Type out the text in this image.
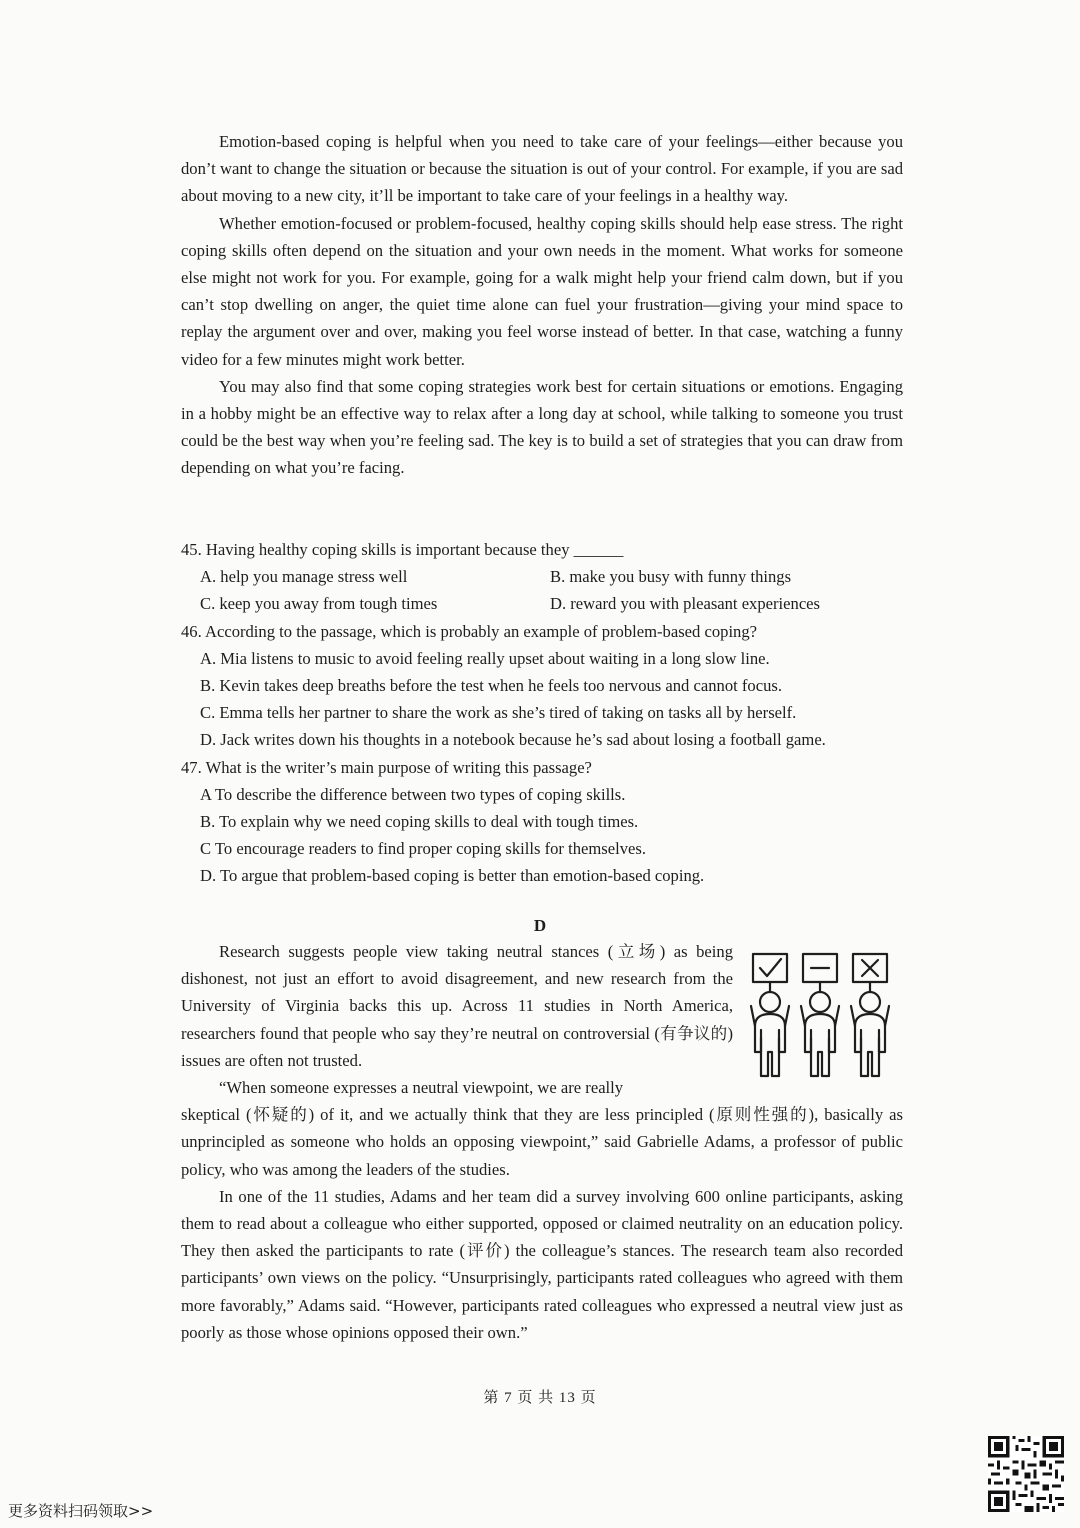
Emotion-based coping is helpful when you need to take care of your feelings—either because you don’t want to change the situation or because the situation is out of your control. For example, if you are sad about moving to a new city, it’ll be important to take care of your feelings in a healthy way.

Whether emotion-focused or problem-focused, healthy coping skills should help ease stress. The right coping skills often depend on the situation and your own needs in the moment. What works for someone else might not work for you. For example, going for a walk might help your friend calm down, but if you can’t stop dwelling on anger, the quiet time alone can fuel your frustration—giving your mind space to replay the argument over and over, making you feel worse instead of better. In that case, watching a funny video for a few minutes might work better.

You may also find that some coping strategies work best for certain situations or emotions. Engaging in a hobby might be an effective way to relax after a long day at school, while talking to someone you trust could be the best way when you’re feeling sad. The key is to build a set of strategies that you can draw from depending on what you’re facing.

45. Having healthy coping skills is important because they ______

A. help you manage stress well	B. make you busy with funny things
C. keep you away from tough times	D. reward you with pleasant experiences

46. According to the passage, which is probably an example of problem-based coping?

A. Mia listens to music to avoid feeling really upset about waiting in a long slow line.

B. Kevin takes deep breaths before the test when he feels too nervous and cannot focus.

C. Emma tells her partner to share the work as she’s tired of taking on tasks all by herself.

D. Jack writes down his thoughts in a notebook because he’s sad about losing a football game.

47. What is the writer’s main purpose of writing this passage?

A To describe the difference between two types of coping skills.

B. To explain why we need coping skills to deal with tough times.

C To encourage readers to find proper coping skills for themselves.

D. To argue that problem-based coping is better than emotion-based coping.

D

Research suggests people view taking neutral stances (立场) as being dishonest, not just an effort to avoid disagreement, and new research from the University of Virginia backs this up. Across 11 studies in North America, researchers found that people who say they’re neutral on controversial (有争议的) issues are often not trusted.

“When someone expresses a neutral viewpoint, we are really

skeptical (怀疑的) of it, and we actually think that they are less principled (原则性强的), basically as unprincipled as someone who holds an opposing viewpoint,” said Gabrielle Adams, a professor of public policy, who was among the leaders of the studies.

In one of the 11 studies, Adams and her team did a survey involving 600 online participants, asking them to read about a colleague who either supported, opposed or claimed neutrality on an education policy. They then asked the participants to rate (评价) the colleague’s stances. The research team also recorded participants’ own views on the policy. “Unsurprisingly, participants rated colleagues who agreed with them more favorably,” Adams said. “However, participants rated colleagues who expressed a neutral view just as poorly as those whose opinions opposed their own.”

第 7 页 共 13 页
更多资料扫码领取>>
